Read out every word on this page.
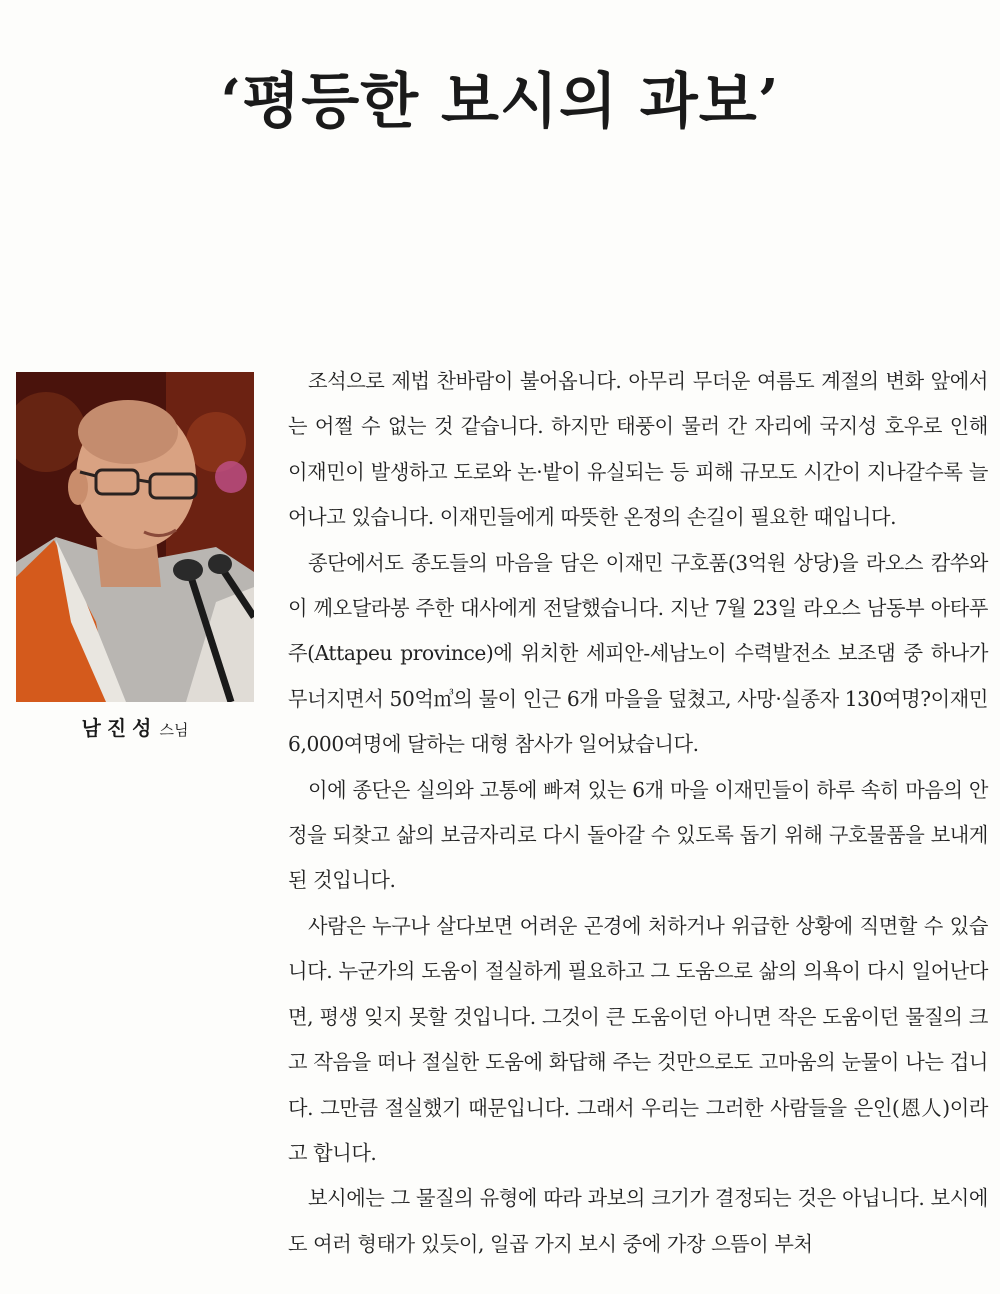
‘평등한 보시의 과보’
남진성 스님

조석으로 제법 찬바람이 불어옵니다. 아무리 무더운 여름도 계절의 변화 앞에서는 어쩔 수 없는 것 같습니다. 하지만 태풍이 물러 간 자리에 국지성 호우로 인해 이재민이 발생하고 도로와 논·밭이 유실되는 등 피해 규모도 시간이 지나갈수록 늘어나고 있습니다. 이재민들에게 따뜻한 온정의 손길이 필요한 때입니다.

종단에서도 종도들의 마음을 담은 이재민 구호품(3억원 상당)을 라오스 캄쑤와이 께오달라봉 주한 대사에게 전달했습니다. 지난 7월 23일 라오스 남동부 아타푸 주(Attapeu province)에 위치한 세피안-세남노이 수력발전소 보조댐 중 하나가 무너지면서 50억㎥의 물이 인근 6개 마을을 덮쳤고, 사망·실종자 130여명?이재민 6,000여명에 달하는 대형 참사가 일어났습니다.

이에 종단은 실의와 고통에 빠져 있는 6개 마을 이재민들이 하루 속히 마음의 안정을 되찾고 삶의 보금자리로 다시 돌아갈 수 있도록 돕기 위해 구호물품을 보내게 된 것입니다.

사람은 누구나 살다보면 어려운 곤경에 처하거나 위급한 상황에 직면할 수 있습니다. 누군가의 도움이 절실하게 필요하고 그 도움으로 삶의 의욕이 다시 일어난다면, 평생 잊지 못할 것입니다. 그것이 큰 도움이던 아니면 작은 도움이던 물질의 크고 작음을 떠나 절실한 도움에 화답해 주는 것만으로도 고마움의 눈물이 나는 겁니다. 그만큼 절실했기 때문입니다. 그래서 우리는 그러한 사람들을 은인(恩人)이라고 합니다.

보시에는 그 물질의 유형에 따라 과보의 크기가 결정되는 것은 아닙니다. 보시에도 여러 형태가 있듯이, 일곱 가지 보시 중에 가장 으뜸이 부처
